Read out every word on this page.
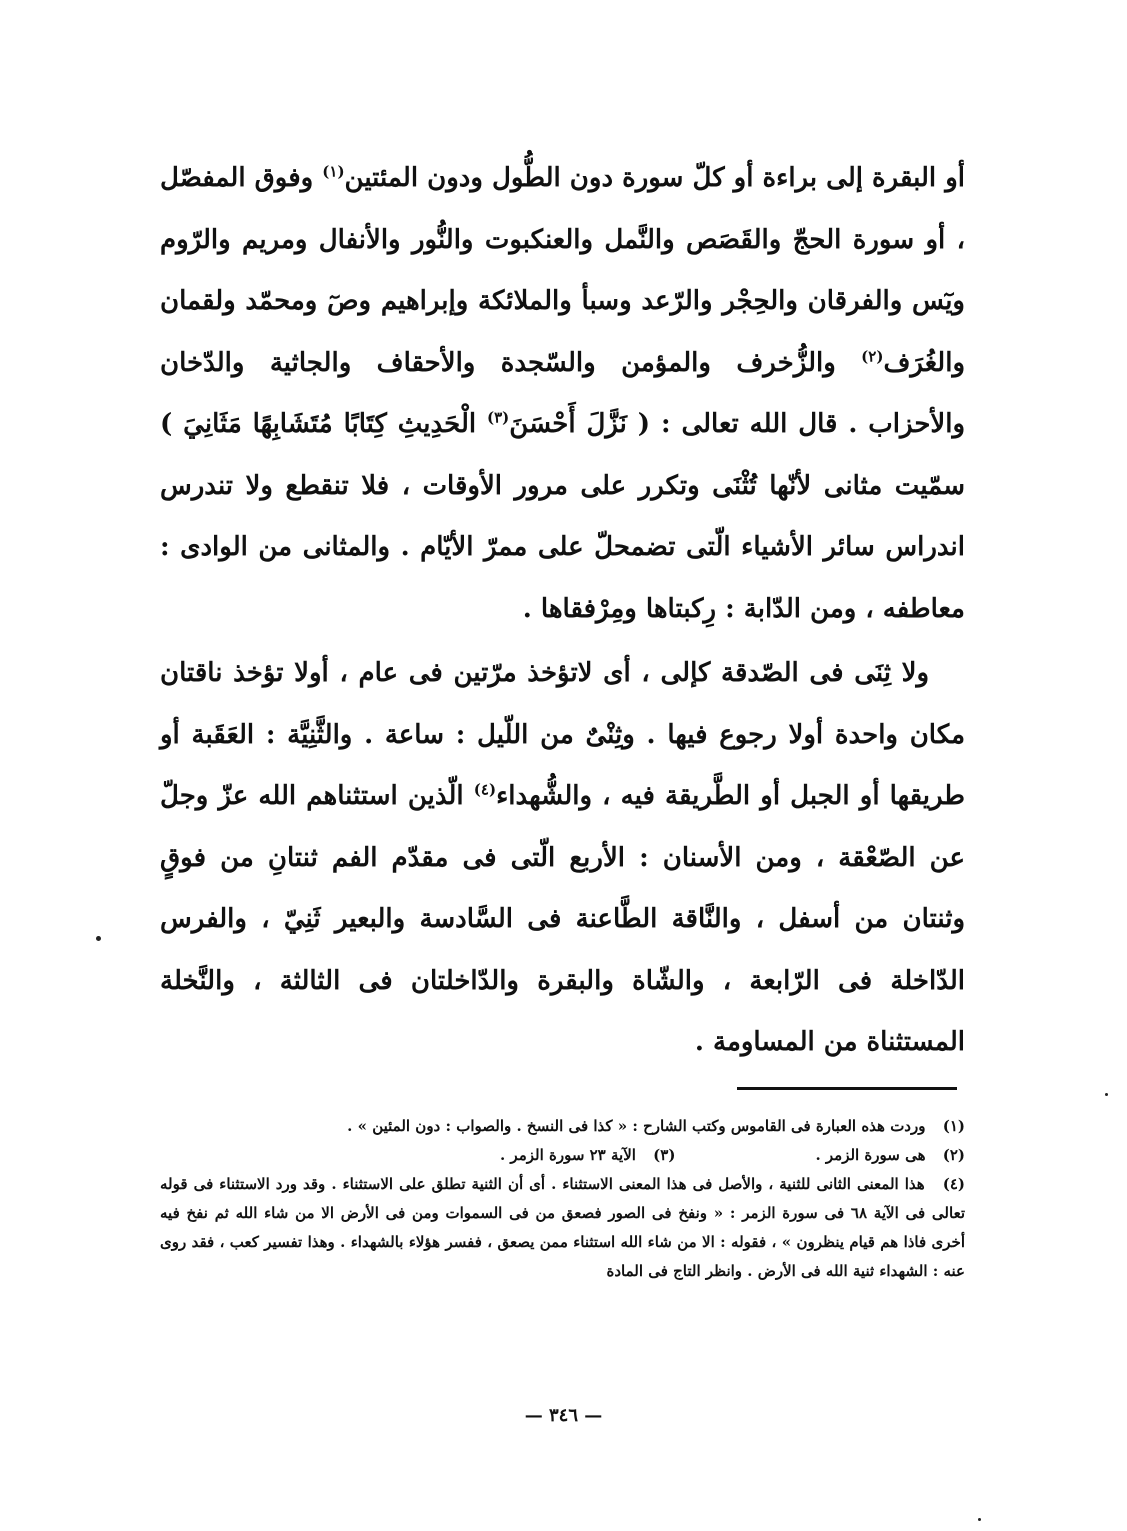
أو البقرة إلى براءة أو كلّ سورة دون الطُّول ودون المئتين$^{(١)}$ وفوق المفصّل ، أو سورة الحجّ والقَصَص والنَّمل والعنكبوت والنُّور والأنفال ومريم والرّوم ويٓس والفرقان والحِجْر والرّعد وسبأ والملائكة وإبراهيم وصٓ ومحمّد ولقمان والغُرَف$^{(٢)}$ والزُّخرف والمؤمن والسّجدة والأحقاف والجاثية والدّخان والأحزاب . قال الله تعالى : ( نَزَّلَ أَحْسَنَ$^{(٣)}$ الْحَدِيثِ كِتَابًا مُتَشَابِهًا مَثَانِيَ ) سمّيت مثانى لأنّها تُثْنَى وتكرر على مرور الأوقات ، فلا تنقطع ولا تندرس اندراس سائر الأشياء الّتى تضمحلّ على ممرّ الأيّام . والمثانى من الوادى : معاطفه ، ومن الدّابة : رِكبتاها ومِرْفقاها .

ولا ثِنَى فى الصّدقة كإلى ، أى لاتؤخذ مرّتين فى عام ، أولا تؤخذ ناقتان مكان واحدة أولا رجوع فيها . وثِنْىٌ من اللّيل : ساعة . والثَّنِيَّة : العَقَبة أو طريقها أو الجبل أو الطَّريقة فيه ، والشُّهداء$^{(٤)}$ الّذين استثناهم الله عزّ وجلّ عن الصّعْقة ، ومن الأسنان : الأربع الّتى فى مقدّم الفم ثنتانِ من فوقٍ وثنتان من أسفل ، والنَّاقة الطَّاعنة فى السَّادسة والبعير ثَنِيّ ، والفرس الدّاخلة فى الرّابعة ، والشّاة والبقرة والدّاخلتان فى الثالثة ، والنَّخلة المستثناة من المساومة .

(١) وردت هذه العبارة فى القاموس وكتب الشارح : « كذا فى النسخ . والصواب : دون المئين » .

(٢) هى سورة الزمر .

(٣) الآية ٢٣ سورة الزمر .

(٤) هذا المعنى الثانى للثنية ، والأصل فى هذا المعنى الاستثناء . أى أن الثنية تطلق على الاستثناء . وقد ورد الاستثناء فى قوله تعالى فى الآية ٦٨ فى سورة الزمر : « ونفخ فى الصور فصعق من فى السموات ومن فى الأرض الا من شاء الله ثم نفخ فيه أخرى فاذا هم قيام ينظرون » ، فقوله : الا من شاء الله استثناء ممن يصعق ، ففسر هؤلاء بالشهداء . وهذا تفسير كعب ، فقد روى عنه : الشهداء ثنية الله فى الأرض . وانظر التاج فى المادة

— ٣٤٦ —
